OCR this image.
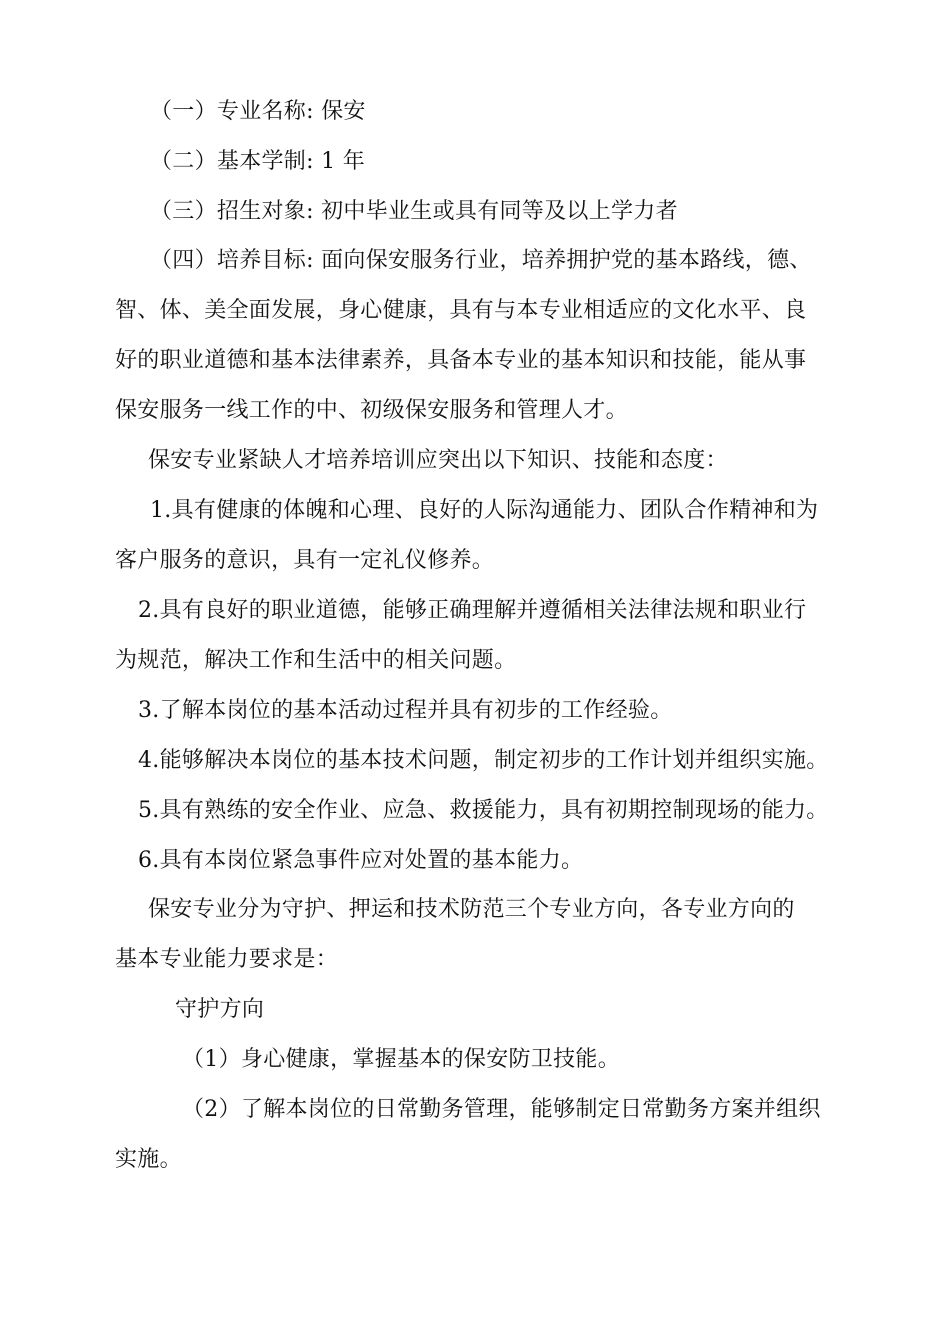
（一）专业名称: 保安
（二）基本学制: 1 年
（三）招生对象: 初中毕业生或具有同等及以上学力者
（四）培养目标: 面向保安服务行业，培养拥护党的基本路线，德、
智、体、美全面发展，身心健康，具有与本专业相适应的文化水平、良
好的职业道德和基本法律素养，具备本专业的基本知识和技能，能从事
保安服务一线工作的中、初级保安服务和管理人才。
保安专业紧缺人才培养培训应突出以下知识、技能和态度：
1.具有健康的体魄和心理、良好的人际沟通能力、团队合作精神和为
客户服务的意识，具有一定礼仪修养。
2.具有良好的职业道德，能够正确理解并遵循相关法律法规和职业行
为规范，解决工作和生活中的相关问题。
3.了解本岗位的基本活动过程并具有初步的工作经验。
4.能够解决本岗位的基本技术问题，制定初步的工作计划并组织实施。
5.具有熟练的安全作业、应急、救援能力，具有初期控制现场的能力。
6.具有本岗位紧急事件应对处置的基本能力。
保安专业分为守护、押运和技术防范三个专业方向，各专业方向的
基本专业能力要求是：
守护方向
（1）身心健康，掌握基本的保安防卫技能。
（2）了解本岗位的日常勤务管理，能够制定日常勤务方案并组织
实施。
